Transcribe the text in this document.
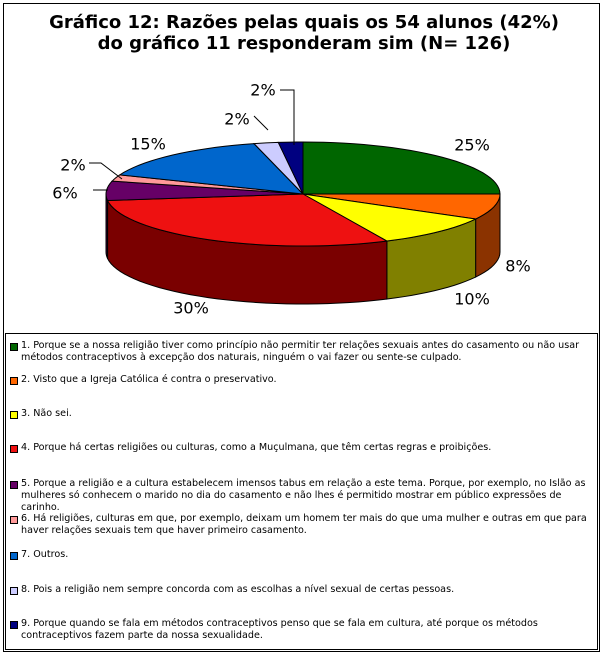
Gráfico 12: Razões pelas quais os 54 alunos (42%) do gráfico 11 responderam sim (N= 126)
25%
8%
10%
30%
6%
2%
15%
2%
2%
1. Porque se a nossa religião tiver como princípio não permitir ter relações sexuais antes do casamento ou não usar métodos contraceptivos à excepção dos naturais, ninguém o vai fazer ou sente-se culpado.
2. Visto que a Igreja Católica é contra o preservativo.
3. Não sei.
4. Porque há certas religiões ou culturas, como a Muçulmana, que têm certas regras e proibições.
5. Porque a religião e a cultura estabelecem imensos tabus em relação a este tema. Porque, por exemplo, no Islão as mulheres só conhecem o marido no dia do casamento e não lhes é permitido mostrar em público expressões de carinho.
6. Há religiões, culturas em que, por exemplo, deixam um homem ter mais do que uma mulher e outras em que para haver relações sexuais tem que haver primeiro casamento.
7. Outros.
8. Pois a religião nem sempre concorda com as escolhas a nível sexual de certas pessoas.
9. Porque quando se fala em métodos contraceptivos penso que se fala em cultura, até porque os métodos contraceptivos fazem parte da nossa sexualidade.
